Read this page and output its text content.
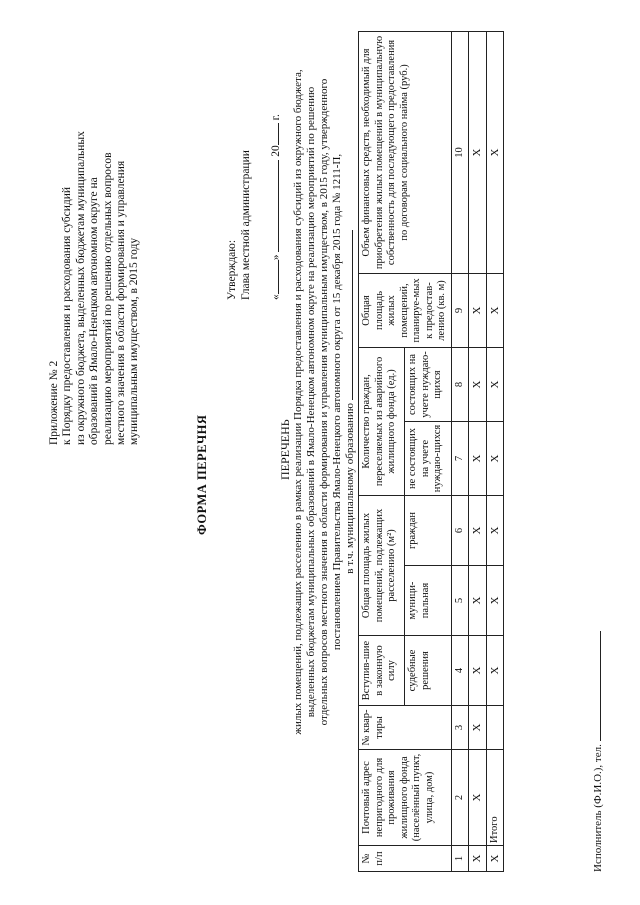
Приложение № 2 к Порядку предоставления и расходования субсидий из окружного бюджета, выделенных бюджетам муниципальных образований в Ямало-Ненецком автономном округе на реализацию мероприятий по решению отдельных вопросов местного значения в области формирования и управления муниципальным имуществом, в 2015 году	Утверждаю: Глава местной администрации «»  20 г.
ФОРМА ПЕРЕЧНЯ	ПЕРЕЧЕНЬ жилых помещений, подлежащих расселению в рамках реализации Порядка предоставления и расходования субсидий из окружного бюджета, выделенных бюджетам муниципальных образований в Ямало-Ненецком автономном округе на реализацию мероприятий по решению отдельных вопросов местного значения в области формирования и управления муниципальным имуществом, в 2015 году, утвержденного постановлением Правительства Ямало-Ненецкого автономного округа от 15 декабря 2015 года № 1211-П, в т.ч. муниципальному образованию
№ п/п	Почтовый адрес непригодного для проживания жилищного фонда (населённый пункт, улица, дом)	№ квар-тиры	Вступив-шие в законную силу	Общая площадь жилых помещений, подлежащих расселению (м²)		Количество граждан, переселяемых из аварийного жилищного фонда (ед.)		Общая площадь жилых помещений, планируе-мых к предостав-лению (кв. м)	Объем финансовых средств, необходимый для приобретения жилых помещений в муниципальную собственность для последующего предоставления по договорам социального найма (руб.)
			судебные решения	муници-пальная	граждан	не состоящих на учете нуждаю-щихся	состоящих на учете нуждаю-щихся		
1	2	3	4	5	6	7	8	9	10
X	X	X	X	X	X	X	X	X	X
X	Итого		X	X	X	X	X	X	X
Исполнитель (Ф.И.О.), тел.
